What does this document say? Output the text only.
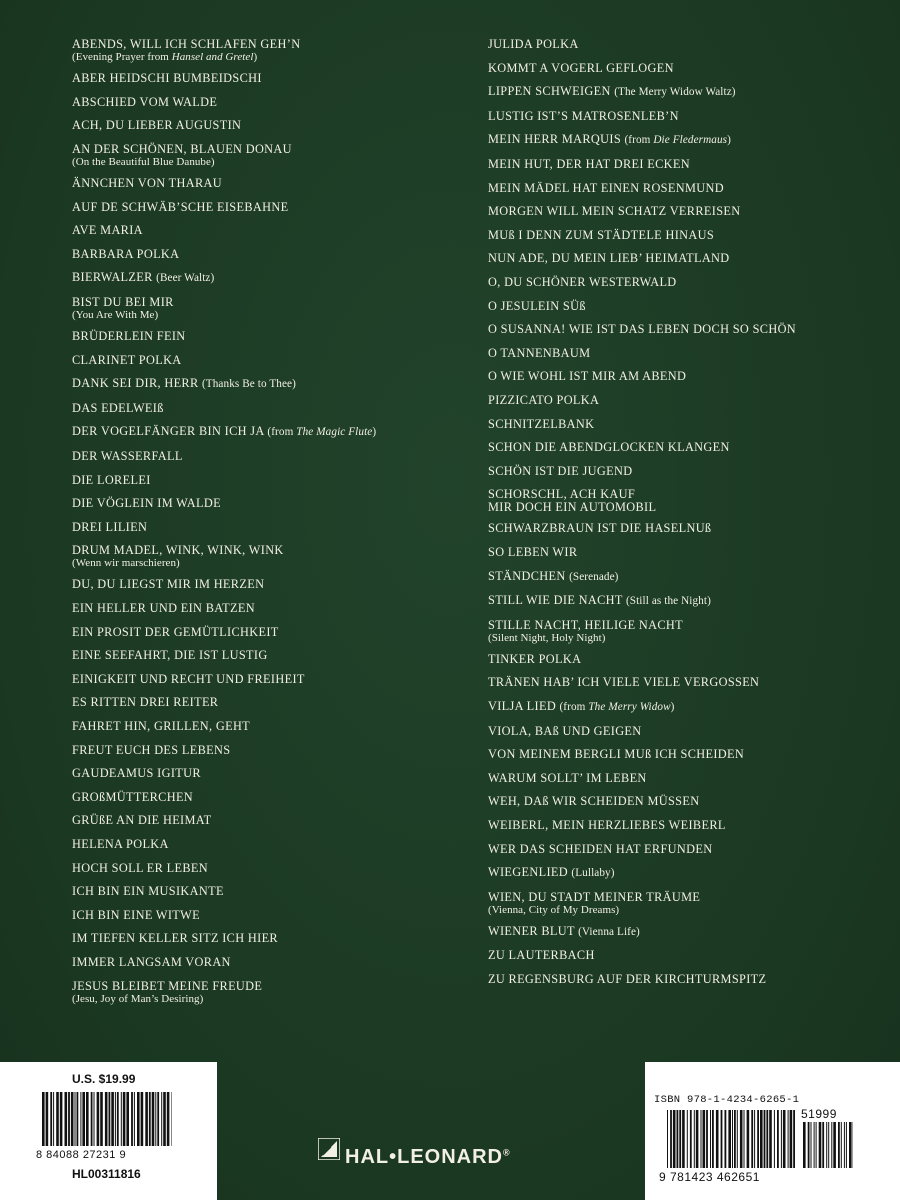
ABENDS, WILL ICH SCHLAFEN GEH’N
(Evening Prayer from Hansel and Gretel)
ABER HEIDSCHI BUMBEIDSCHI
ABSCHIED VOM WALDE
ACH, DU LIEBER AUGUSTIN
AN DER SCHÖNEN, BLAUEN DONAU
(On the Beautiful Blue Danube)
ÄNNCHEN VON THARAU
AUF DE SCHWÄB’SCHE EISEBAHNE
AVE MARIA
BARBARA POLKA
BIERWALZER (Beer Waltz)
BIST DU BEI MIR
(You Are With Me)
BRÜDERLEIN FEIN
CLARINET POLKA
DANK SEI DIR, HERR (Thanks Be to Thee)
DAS EDELWEIß
DER VOGELFÄNGER BIN ICH JA (from The Magic Flute)
DER WASSERFALL
DIE LORELEI
DIE VÖGLEIN IM WALDE
DREI LILIEN
DRUM MADEL, WINK, WINK, WINK
(Wenn wir marschieren)
DU, DU LIEGST MIR IM HERZEN
EIN HELLER UND EIN BATZEN
EIN PROSIT DER GEMÜTLICHKEIT
EINE SEEFAHRT, DIE IST LUSTIG
EINIGKEIT UND RECHT UND FREIHEIT
ES RITTEN DREI REITER
FAHRET HIN, GRILLEN, GEHT
FREUT EUCH DES LEBENS
GAUDEAMUS IGITUR
GROßMÜTTERCHEN
GRÜßE AN DIE HEIMAT
HELENA POLKA
HOCH SOLL ER LEBEN
ICH BIN EIN MUSIKANTE
ICH BIN EINE WITWE
IM TIEFEN KELLER SITZ ICH HIER
IMMER LANGSAM VORAN
JESUS BLEIBET MEINE FREUDE
(Jesu, Joy of Man’s Desiring)
JULIDA POLKA
KOMMT A VOGERL GEFLOGEN
LIPPEN SCHWEIGEN (The Merry Widow Waltz)
LUSTIG IST’S MATROSENLEB’N
MEIN HERR MARQUIS (from Die Fledermaus)
MEIN HUT, DER HAT DREI ECKEN
MEIN MÄDEL HAT EINEN ROSENMUND
MORGEN WILL MEIN SCHATZ VERREISEN
MUß I DENN ZUM STÄDTELE HINAUS
NUN ADE, DU MEIN LIEB’ HEIMATLAND
O, DU SCHÖNER WESTERWALD
O JESULEIN SÜß
O SUSANNA! WIE IST DAS LEBEN DOCH SO SCHÖN
O TANNENBAUM
O WIE WOHL IST MIR AM ABEND
PIZZICATO POLKA
SCHNITZELBANK
SCHON DIE ABENDGLOCKEN KLANGEN
SCHÖN IST DIE JUGEND
SCHORSCHL, ACH KAUF
MIR DOCH EIN AUTOMOBIL
SCHWARZBRAUN IST DIE HASELNUß
SO LEBEN WIR
STÄNDCHEN (Serenade)
STILL WIE DIE NACHT (Still as the Night)
STILLE NACHT, HEILIGE NACHT
(Silent Night, Holy Night)
TINKER POLKA
TRÄNEN HAB’ ICH VIELE VIELE VERGOSSEN
VILJA LIED (from The Merry Widow)
VIOLA, BAß UND GEIGEN
VON MEINEM BERGLI MUß ICH SCHEIDEN
WARUM SOLLT’ IM LEBEN
WEH, DAß WIR SCHEIDEN MÜSSEN
WEIBERL, MEIN HERZLIEBES WEIBERL
WER DAS SCHEIDEN HAT ERFUNDEN
WIEGENLIED (Lullaby)
WIEN, DU STADT MEINER TRÄUME
(Vienna, City of My Dreams)
WIENER BLUT (Vienna Life)
ZU LAUTERBACH
ZU REGENSBURG AUF DER KIRCHTURMSPITZ
U.S. $19.99
8 84088 27231 9
HL00311816
ISBN 978-1-4234-6265-1
51999
9 781423 462651
HAL•LEONARD®
